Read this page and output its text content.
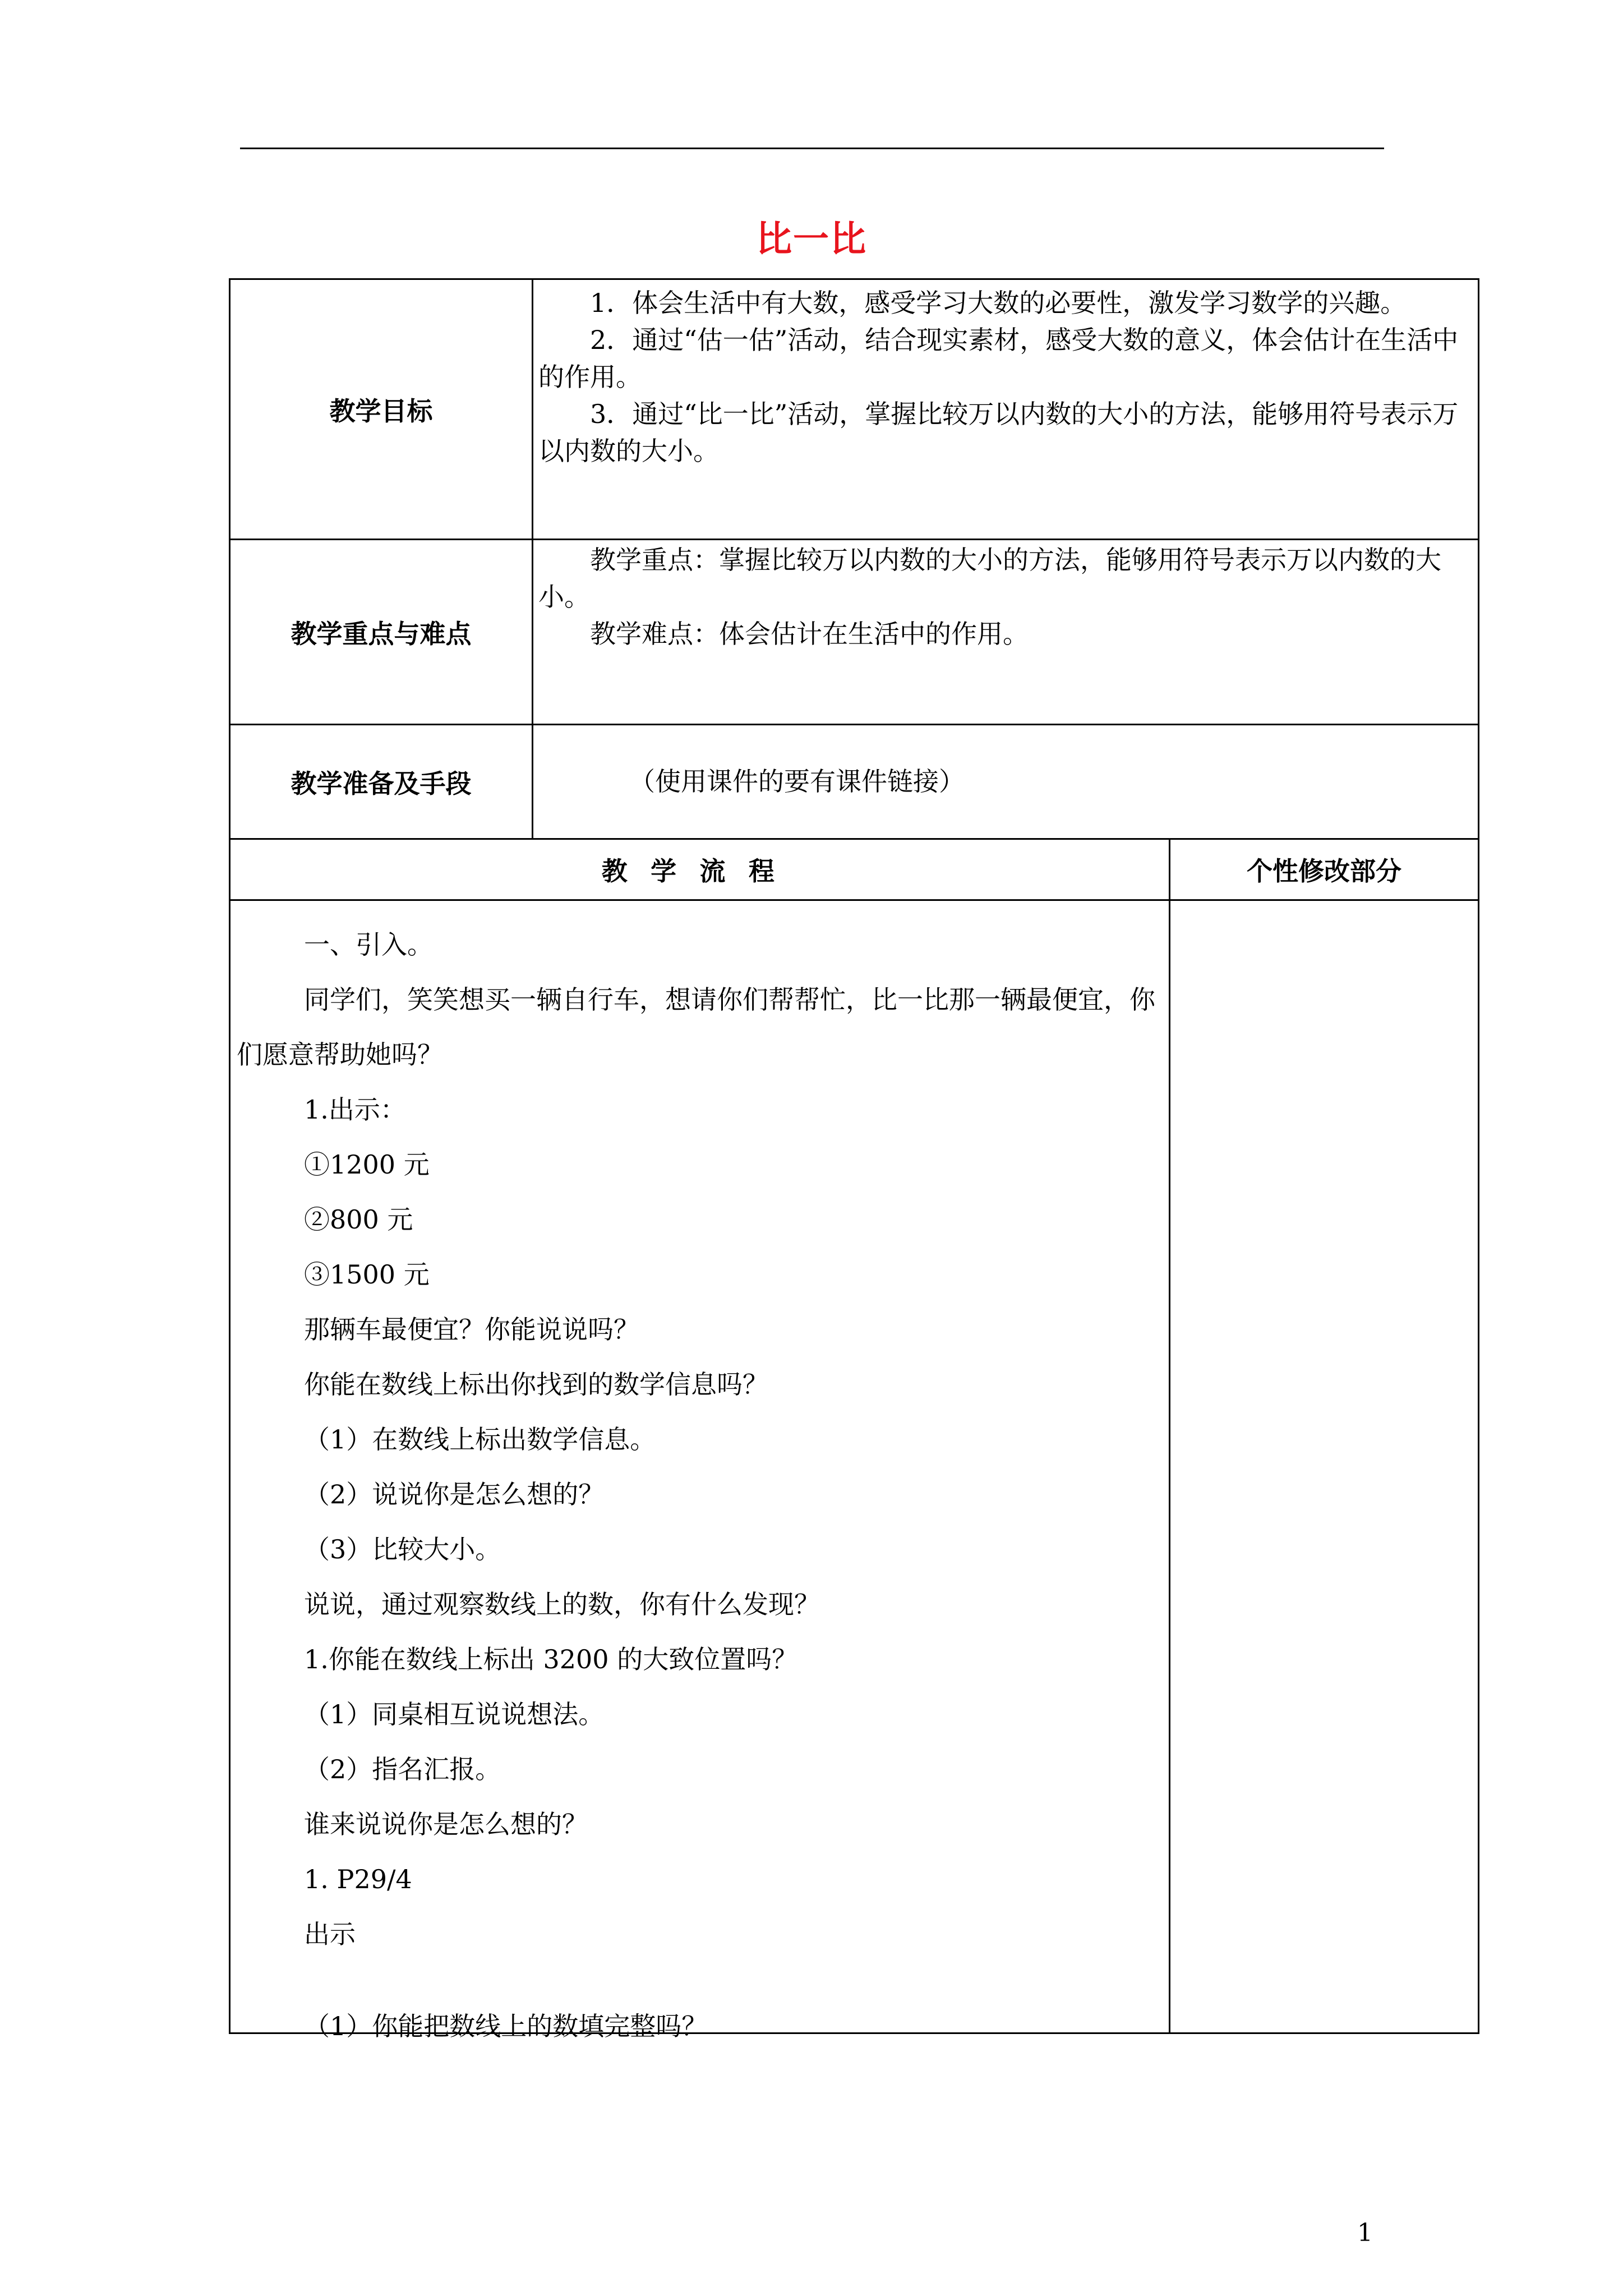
比一比
教学目标

1．体会生活中有大数，感受学习大数的必要性，激发学习数学的兴趣。

2．通过“估一估”活动，结合现实素材，感受大数的意义，体会估计在生活中的作用。

3．通过“比一比”活动，掌握比较万以内数的大小的方法，能够用符号表示万以内数的大小。

教学重点与难点

教学重点：掌握比较万以内数的大小的方法，能够用符号表示万以内数的大小。

教学难点：体会估计在生活中的作用。

教学准备及手段	（使用课件的要有课件链接）
教学流程	个性修改部分
一、引入。
同学们，笑笑想买一辆自行车，想请你们帮帮忙，比一比那一辆最便宜，你们愿意帮助她吗？
1.出示：
①1200 元
②800 元
③1500 元
那辆车最便宜？你能说说吗？
你能在数线上标出你找到的数学信息吗？
（1）在数线上标出数学信息。
（2）说说你是怎么想的？
（3）比较大小。
说说，通过观察数线上的数，你有什么发现？
1.你能在数线上标出 3200 的大致位置吗？
（1）同桌相互说说想法。
（2）指名汇报。
谁来说说你是怎么想的？
1. P29/4
出示
（1）你能把数线上的数填完整吗？
1
